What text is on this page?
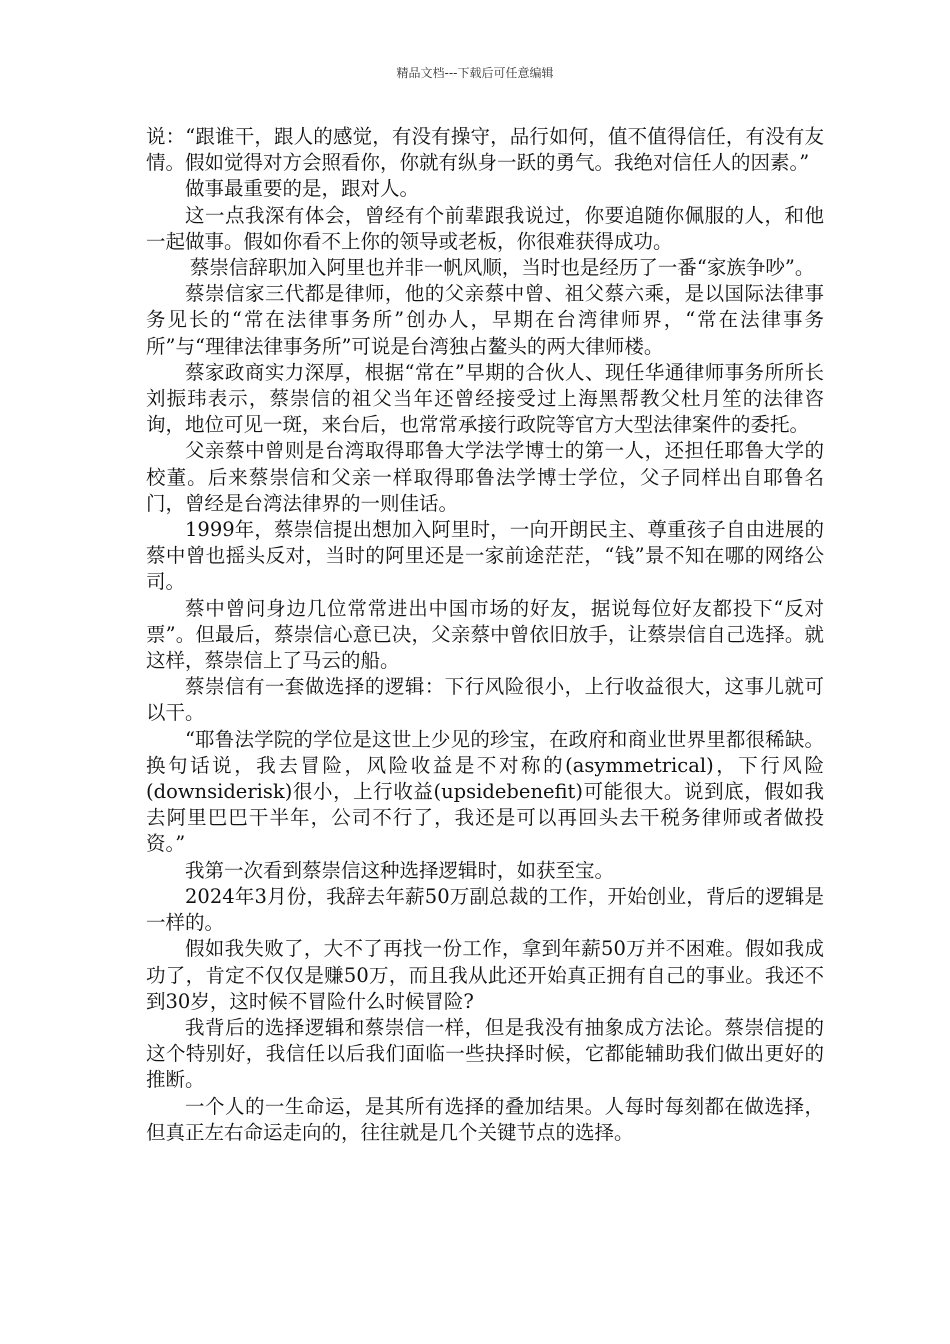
精品文档---下载后可任意编辑

说：“跟谁干，跟人的感觉，有没有操守，品行如何，值不值得信任，有没有友情。假如觉得对方会照看你，你就有纵身一跃的勇气。我绝对信任人的因素。”

做事最重要的是，跟对人。

这一点我深有体会，曾经有个前辈跟我说过，你要追随你佩服的人，和他一起做事。假如你看不上你的领导或老板，你很难获得成功。

蔡崇信辞职加入阿里也并非一帆风顺，当时也是经历了一番“家族争吵”。

蔡崇信家三代都是律师，他的父亲蔡中曾、祖父蔡六乘，是以国际法律事务见长的“常在法律事务所”创办人，早期在台湾律师界，“常在法律事务所”与“理律法律事务所”可说是台湾独占鳌头的两大律师楼。

蔡家政商实力深厚，根据“常在”早期的合伙人、现任华通律师事务所所长刘振玮表示，蔡崇信的祖父当年还曾经接受过上海黑帮教父杜月笙的法律咨询，地位可见一斑，来台后，也常常承接行政院等官方大型法律案件的委托。

父亲蔡中曾则是台湾取得耶鲁大学法学博士的第一人，还担任耶鲁大学的校董。后来蔡崇信和父亲一样取得耶鲁法学博士学位，父子同样出自耶鲁名门，曾经是台湾法律界的一则佳话。

1999年，蔡崇信提出想加入阿里时，一向开朗民主、尊重孩子自由进展的蔡中曾也摇头反对，当时的阿里还是一家前途茫茫，“钱”景不知在哪的网络公司。

蔡中曾问身边几位常常进出中国市场的好友，据说每位好友都投下“反对票”。但最后，蔡崇信心意已决，父亲蔡中曾依旧放手，让蔡崇信自己选择。就这样，蔡崇信上了马云的船。

蔡崇信有一套做选择的逻辑：下行风险很小，上行收益很大，这事儿就可以干。

“耶鲁法学院的学位是这世上少见的珍宝，在政府和商业世界里都很稀缺。换句话说，我去冒险，风险收益是不对称的(asymmetrical)，下行风险(downsiderisk)很小，上行收益(upsidebenefit)可能很大。说到底，假如我去阿里巴巴干半年，公司不行了，我还是可以再回头去干税务律师或者做投资。”

我第一次看到蔡崇信这种选择逻辑时，如获至宝。

2024年3月份，我辞去年薪50万副总裁的工作，开始创业，背后的逻辑是一样的。

假如我失败了，大不了再找一份工作，拿到年薪50万并不困难。假如我成功了，肯定不仅仅是赚50万，而且我从此还开始真正拥有自己的事业。我还不到30岁，这时候不冒险什么时候冒险?

我背后的选择逻辑和蔡崇信一样，但是我没有抽象成方法论。蔡崇信提的这个特别好，我信任以后我们面临一些抉择时候，它都能辅助我们做出更好的推断。

一个人的一生命运，是其所有选择的叠加结果。人每时每刻都在做选择，但真正左右命运走向的，往往就是几个关键节点的选择。
